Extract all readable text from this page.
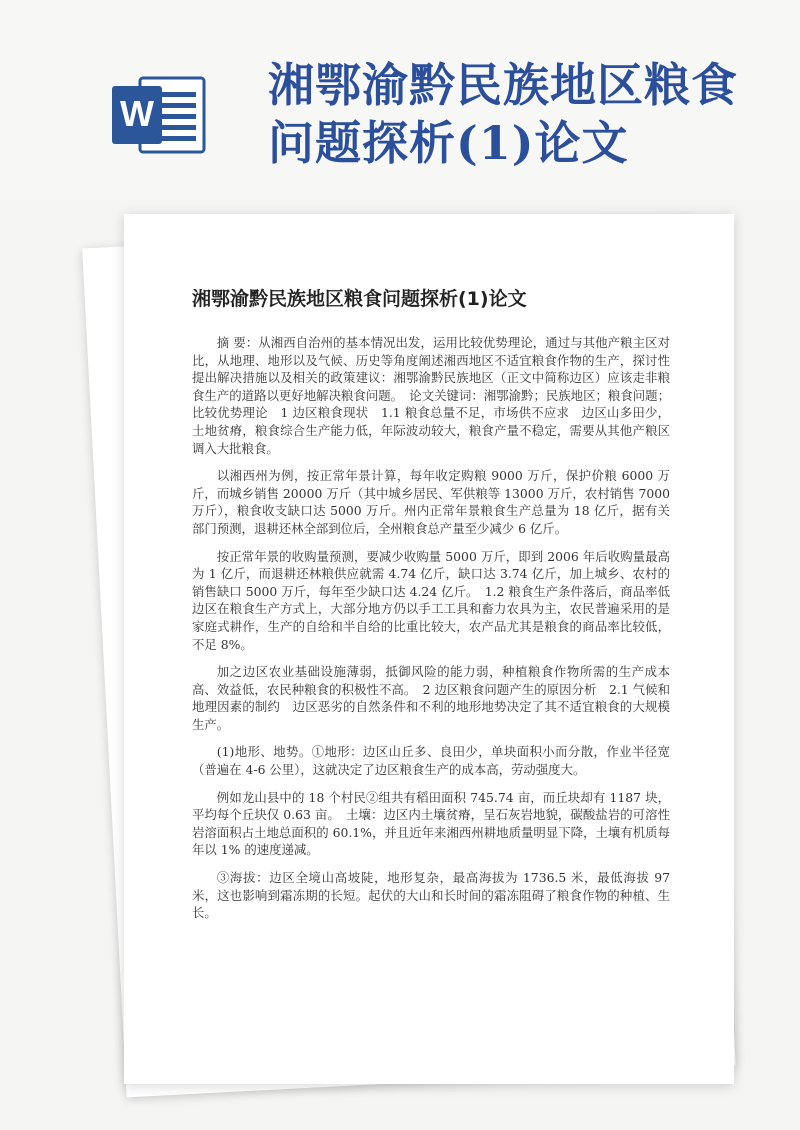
W
湘鄂渝黔民族地区粮食问题探析(1)论文
湘鄂渝黔民族地区粮食问题探析(1)论文

摘 要：从湘西自治州的基本情况出发，运用比较优势理论，通过与其他产粮主区对比，从地理、地形以及气候、历史等角度阐述湘西地区不适宜粮食作物的生产，探讨性提出解决措施以及相关的政策建议：湘鄂渝黔民族地区（正文中简称边区）应该走非粮食生产的道路以更好地解决粮食问题。　论文关键词：湘鄂渝黔；民族地区；粮食问题；比较优势理论　1 边区粮食现状　1.1 粮食总量不足，市场供不应求　边区山多田少，土地贫瘠，粮食综合生产能力低，年际波动较大，粮食产量不稳定，需要从其他产粮区调入大批粮食。

以湘西州为例，按正常年景计算，每年收定购粮 9000 万斤，保护价粮 6000 万斤，而城乡销售 20000 万斤（其中城乡居民、军供粮等 13000 万斤，农村销售 7000 万斤），粮食收支缺口达 5000 万斤。州内正常年景粮食生产总量为 18 亿斤，据有关部门预测，退耕还林全部到位后，全州粮食总产量至少减少 6 亿斤。

按正常年景的收购量预测，要减少收购量 5000 万斤，即到 2006 年后收购量最高为 1 亿斤，而退耕还林粮供应就需 4.74 亿斤，缺口达 3.74 亿斤，加上城乡、农村的销售缺口 5000 万斤，每年至少缺口达 4.24 亿斤。　1.2 粮食生产条件落后，商品率低　边区在粮食生产方式上，大部分地方仍以手工工具和畜力农具为主，农民普遍采用的是家庭式耕作，生产的自给和半自给的比重比较大，农产品尤其是粮食的商品率比较低，不足 8%。

加之边区农业基础设施薄弱，抵御风险的能力弱，种植粮食作物所需的生产成本高、效益低，农民种粮食的积极性不高。　2 边区粮食问题产生的原因分析　2.1 气候和地理因素的制约　边区恶劣的自然条件和不利的地形地势决定了其不适宜粮食的大规模生产。

(1)地形、地势。①地形：边区山丘多、良田少，单块面积小而分散，作业半径宽（普遍在 4-6 公里），这就决定了边区粮食生产的成本高，劳动强度大。

例如龙山县中的 18 个村民②组共有稻田面积 745.74 亩，而丘块却有 1187 块，平均每个丘块仅 0.63 亩。　土壤：边区内土壤贫瘠，呈石灰岩地貌，碳酸盐岩的可溶性岩溶面积占土地总面积的 60.1%，并且近年来湘西州耕地质量明显下降，土壤有机质每年以 1% 的速度递减。

③海拔：边区全境山高坡陡，地形复杂，最高海拔为 1736.5 米，最低海拔 97 米，这也影响到霜冻期的长短。起伏的大山和长时间的霜冻阻碍了粮食作物的种植、生长。
